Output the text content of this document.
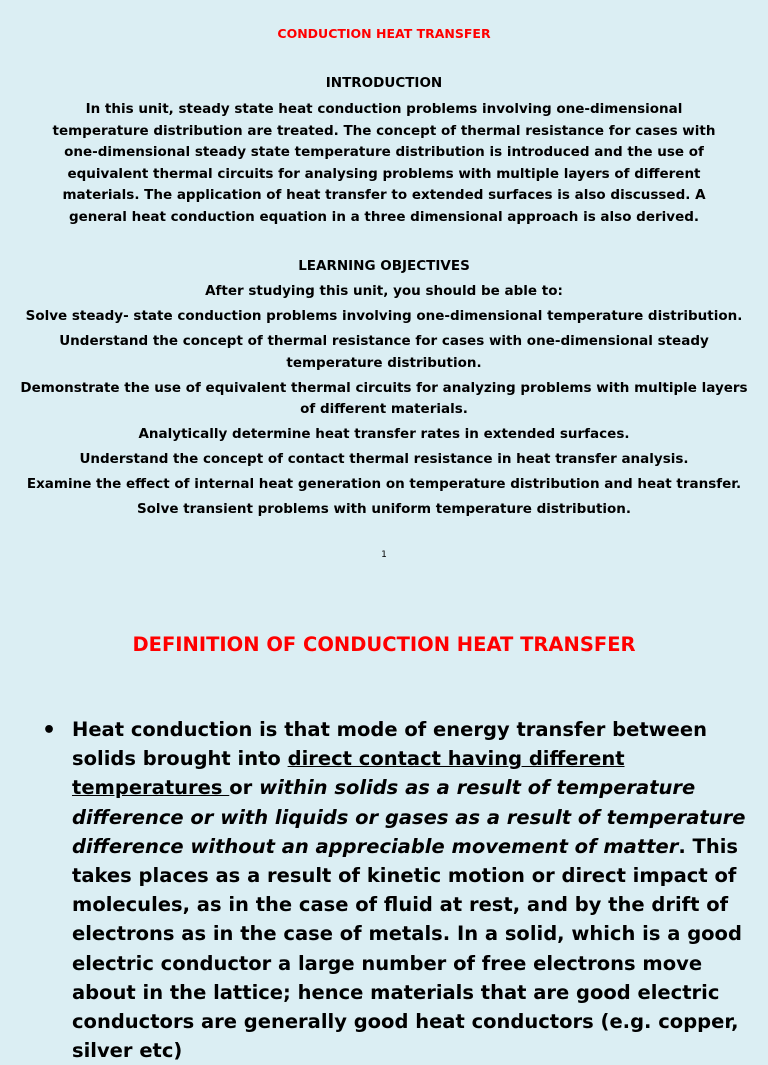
CONDUCTION HEAT TRANSFER
INTRODUCTION
In this unit, steady state heat conduction problems involving one-dimensional temperature distribution are treated. The concept of thermal resistance for cases with one-dimensional steady state temperature distribution is introduced and the use of equivalent thermal circuits for analysing problems with multiple layers of different materials. The application of heat transfer to extended surfaces is also discussed. A general heat conduction equation in a three dimensional approach is also derived.
LEARNING OBJECTIVES
After studying this unit, you should be able to:
Solve steady- state conduction problems involving one-dimensional temperature distribution.
Understand the concept of thermal resistance for cases with one-dimensional steady temperature distribution.
Demonstrate the use of equivalent thermal circuits for analyzing problems with multiple layers of different materials.
Analytically determine heat transfer rates in extended surfaces.
Understand the concept of contact thermal resistance in heat transfer analysis.
Examine the effect of internal heat generation on temperature distribution and heat transfer.
Solve transient problems with uniform temperature distribution.
1
DEFINITION OF CONDUCTION HEAT TRANSFER
• Heat conduction is that mode of energy transfer between solids brought into direct contact having different temperatures or within solids as a result of temperature difference or with liquids or gases as a result of temperature difference without an appreciable movement of matter. This takes places as a result of kinetic motion or direct impact of molecules, as in the case of fluid at rest, and by the drift of electrons as in the case of metals. In a solid, which is a good electric conductor a large number of free electrons move about in the lattice; hence materials that are good electric conductors are generally good heat conductors (e.g. copper, silver etc)
